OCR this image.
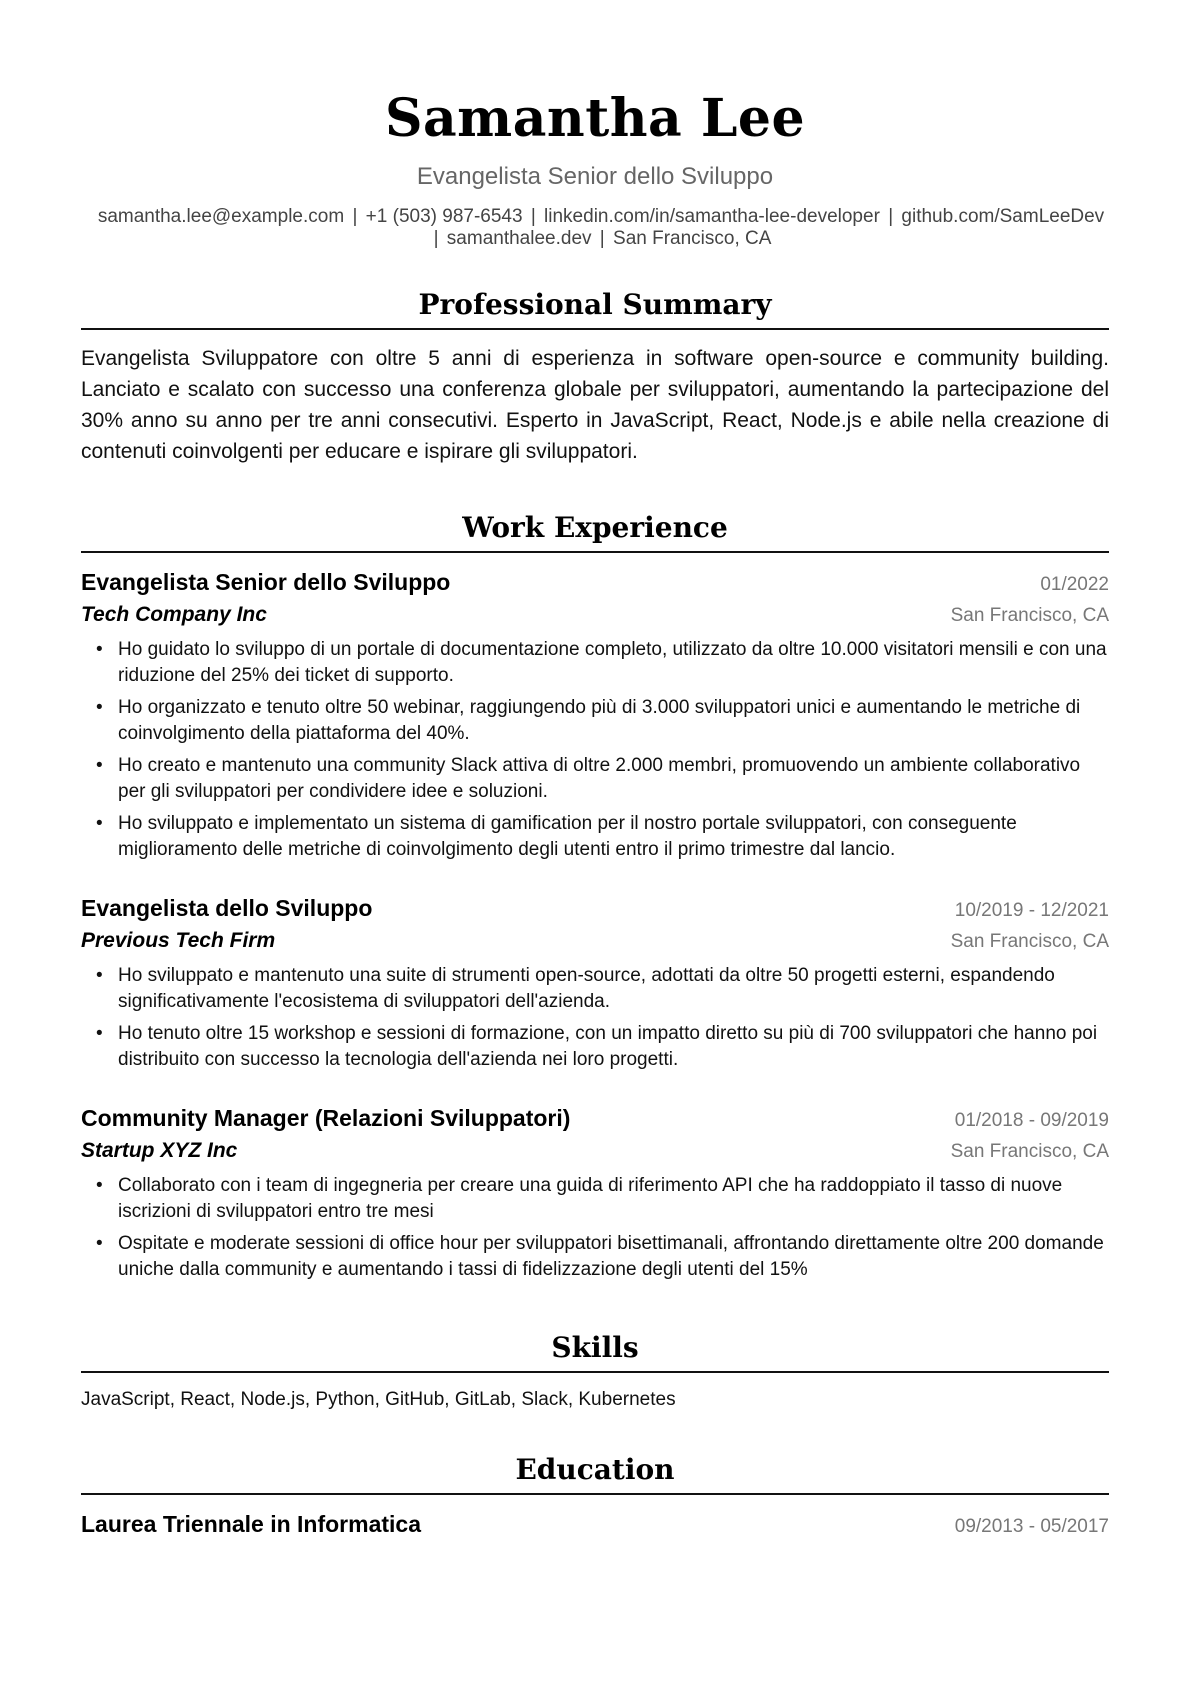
Samantha Lee
Evangelista Senior dello Sviluppo
samantha.lee@example.com | +1 (503) 987-6543 | linkedin.com/in/samantha-lee-developer | github.com/SamLeeDev
| samanthalee.dev | San Francisco, CA
Professional Summary
Evangelista Sviluppatore con oltre 5 anni di esperienza in software open-source e community building. Lanciato e scalato con successo una conferenza globale per sviluppatori, aumentando la partecipazione del 30% anno su anno per tre anni consecutivi. Esperto in JavaScript, React, Node.js e abile nella creazione di contenuti coinvolgenti per educare e ispirare gli sviluppatori.
Work Experience
Evangelista Senior dello Sviluppo	01/2022
Tech Company Inc	San Francisco, CA
• Ho guidato lo sviluppo di un portale di documentazione completo, utilizzato da oltre 10.000 visitatori mensili e con una riduzione del 25% dei ticket di supporto.
• Ho organizzato e tenuto oltre 50 webinar, raggiungendo più di 3.000 sviluppatori unici e aumentando le metriche di coinvolgimento della piattaforma del 40%.
• Ho creato e mantenuto una community Slack attiva di oltre 2.000 membri, promuovendo un ambiente collaborativo per gli sviluppatori per condividere idee e soluzioni.
• Ho sviluppato e implementato un sistema di gamification per il nostro portale sviluppatori, con conseguente miglioramento delle metriche di coinvolgimento degli utenti entro il primo trimestre dal lancio.
Evangelista dello Sviluppo	10/2019 - 12/2021
Previous Tech Firm	San Francisco, CA
• Ho sviluppato e mantenuto una suite di strumenti open-source, adottati da oltre 50 progetti esterni, espandendo significativamente l'ecosistema di sviluppatori dell'azienda.
• Ho tenuto oltre 15 workshop e sessioni di formazione, con un impatto diretto su più di 700 sviluppatori che hanno poi distribuito con successo la tecnologia dell'azienda nei loro progetti.
Community Manager (Relazioni Sviluppatori)	01/2018 - 09/2019
Startup XYZ Inc	San Francisco, CA
• Collaborato con i team di ingegneria per creare una guida di riferimento API che ha raddoppiato il tasso di nuove iscrizioni di sviluppatori entro tre mesi
• Ospitate e moderate sessioni di office hour per sviluppatori bisettimanali, affrontando direttamente oltre 200 domande uniche dalla community e aumentando i tassi di fidelizzazione degli utenti del 15%
Skills
JavaScript, React, Node.js, Python, GitHub, GitLab, Slack, Kubernetes
Education
Laurea Triennale in Informatica	09/2013 - 05/2017
